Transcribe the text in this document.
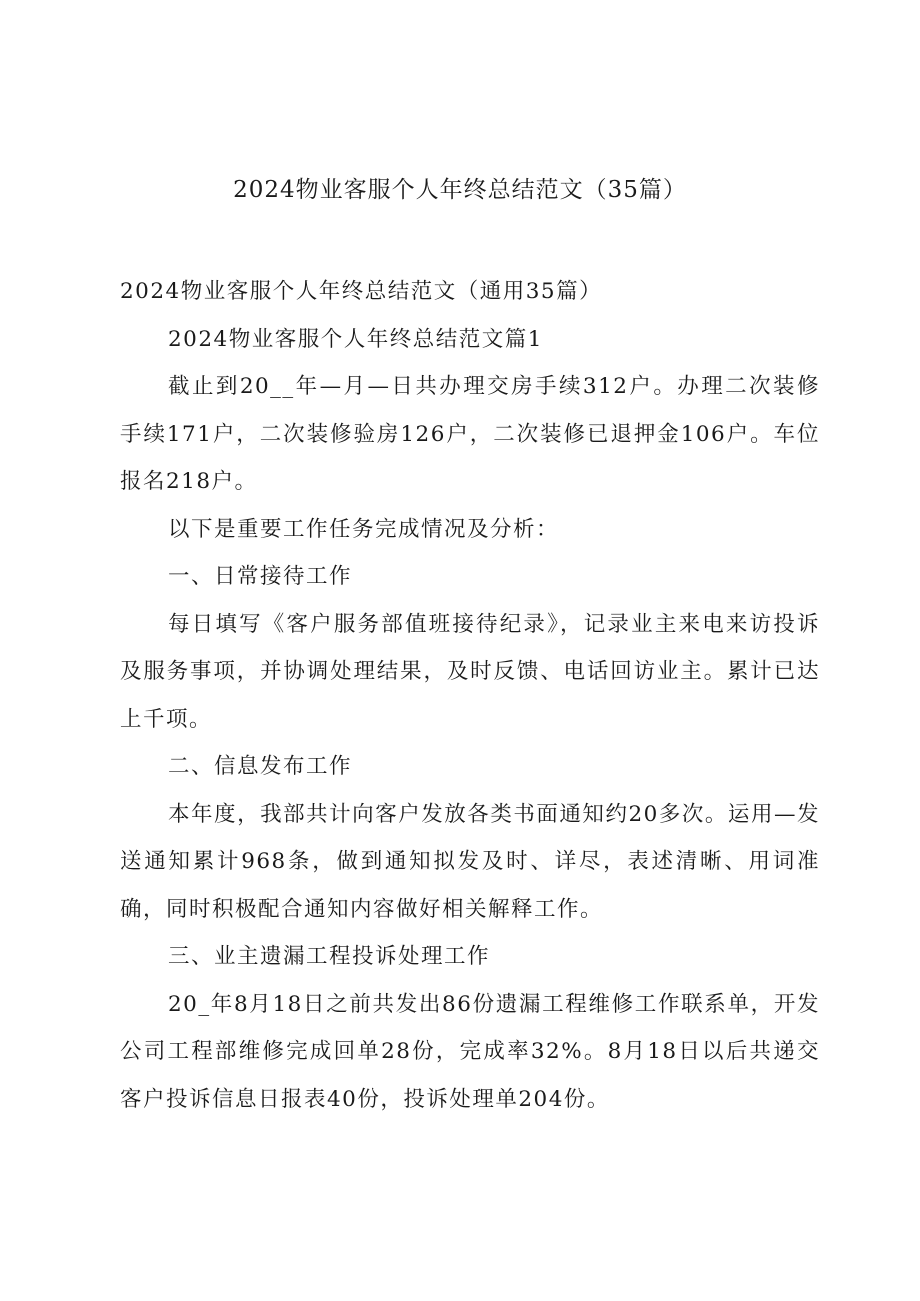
2024物业客服个人年终总结范文（35篇）

2024物业客服个人年终总结范文（通用35篇）

2024物业客服个人年终总结范文篇1

截止到20__年—月—日共办理交房手续312户。办理二次装修手续171户，二次装修验房126户，二次装修已退押金106户。车位报名218户。

以下是重要工作任务完成情况及分析：

一、日常接待工作

每日填写《客户服务部值班接待纪录》，记录业主来电来访投诉及服务事项，并协调处理结果，及时反馈、电话回访业主。累计已达上千项。

二、信息发布工作

本年度，我部共计向客户发放各类书面通知约20多次。运用—发送通知累计968条，做到通知拟发及时、详尽，表述清晰、用词准确，同时积极配合通知内容做好相关解释工作。

三、业主遗漏工程投诉处理工作

20_年8月18日之前共发出86份遗漏工程维修工作联系单，开发公司工程部维修完成回单28份，完成率32%。8月18日以后共递交客户投诉信息日报表40份，投诉处理单204份。
